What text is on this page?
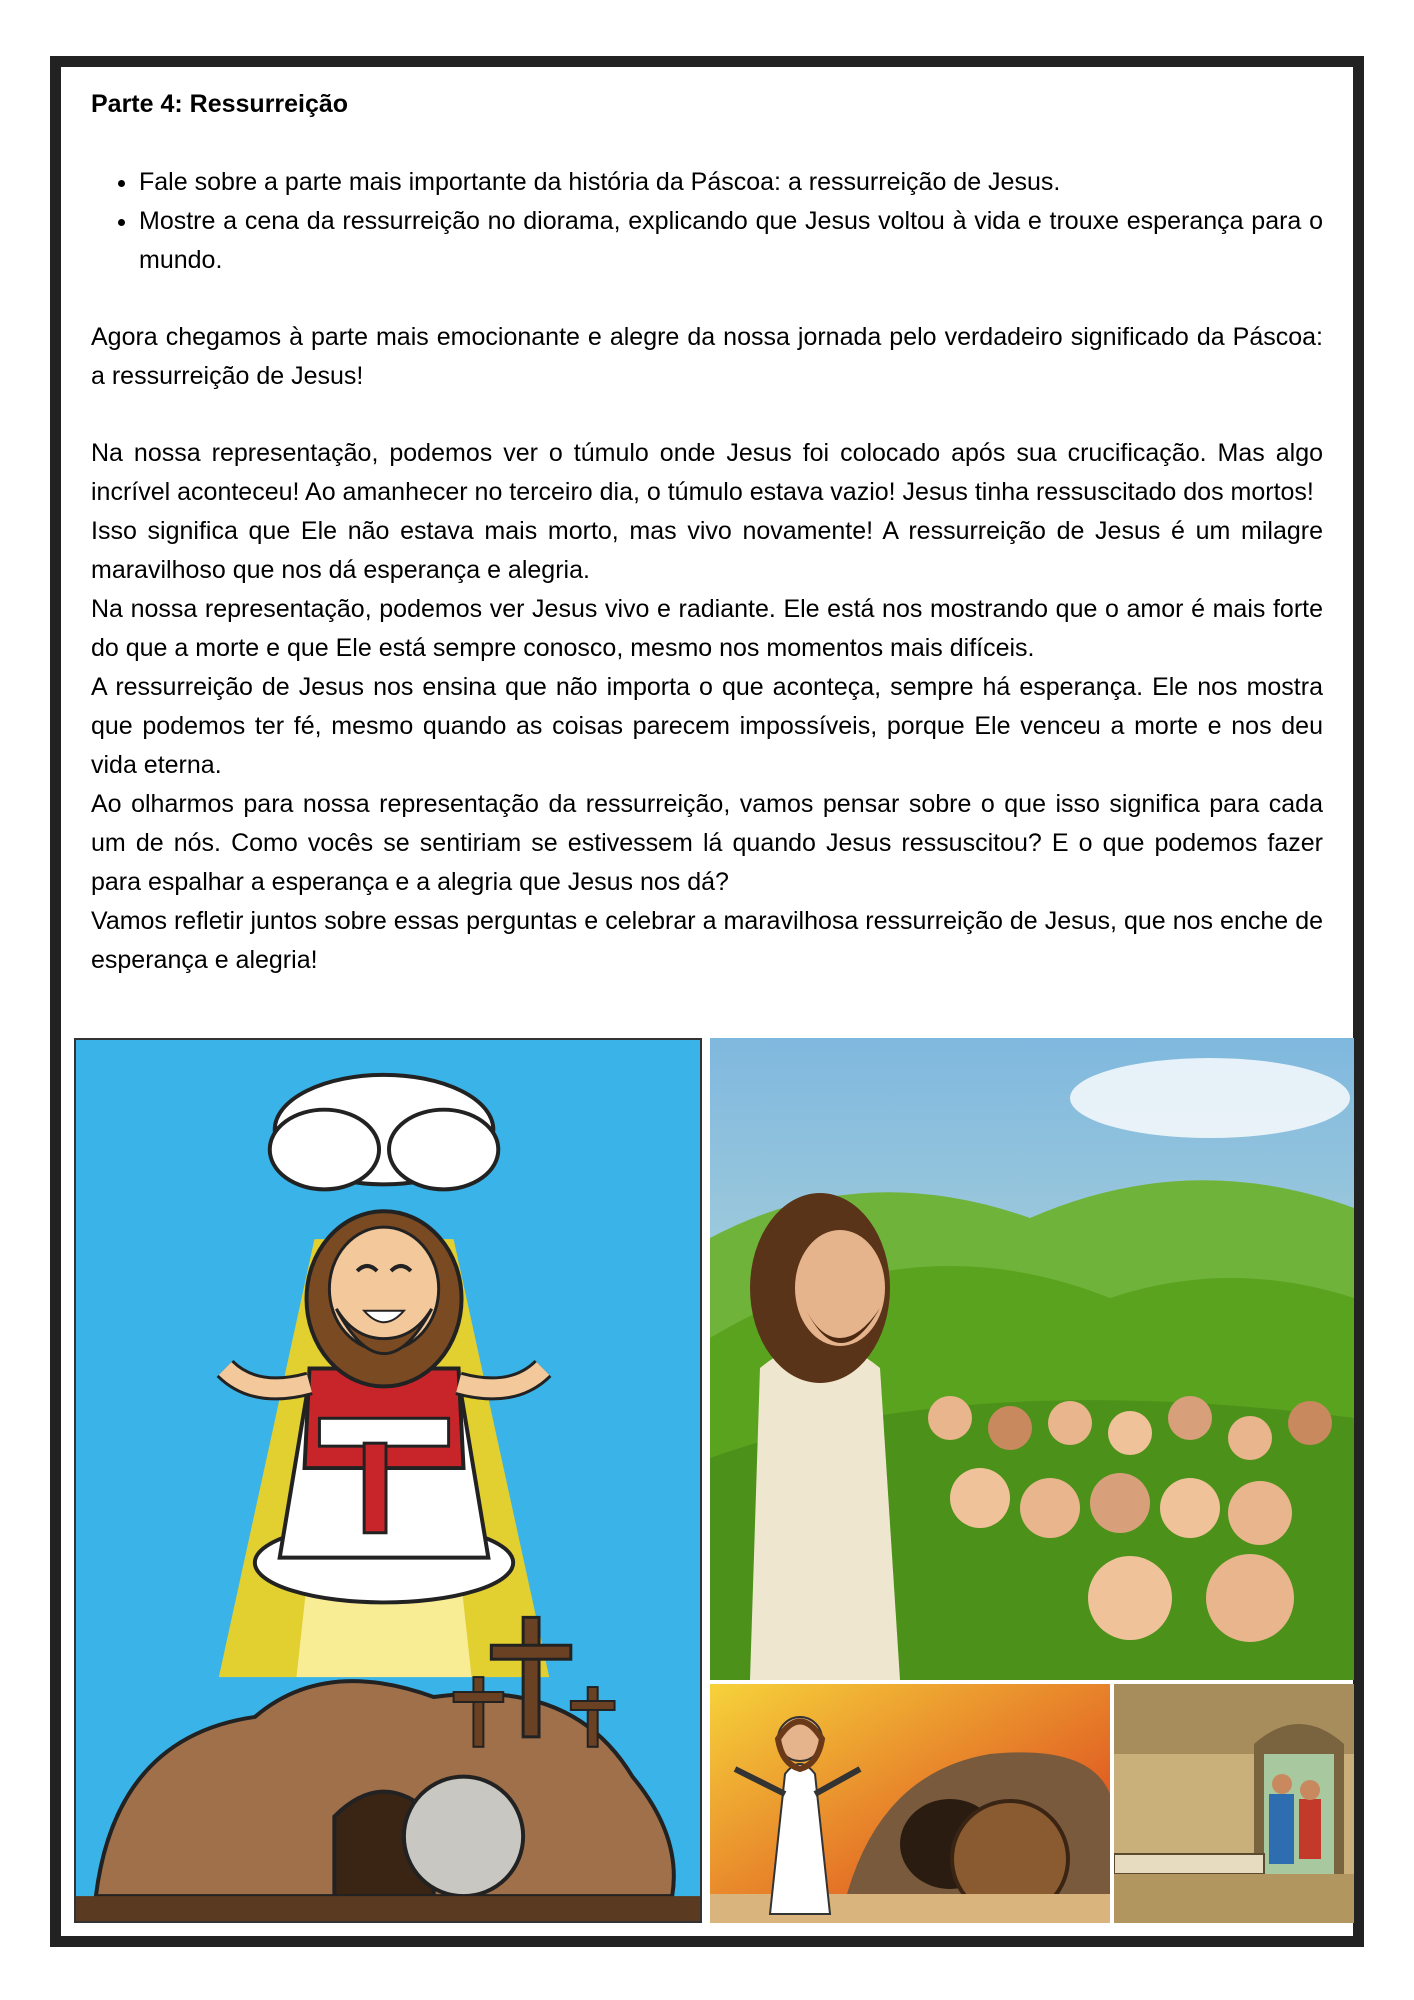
Parte 4: Ressurreição
• Fale sobre a parte mais importante da história da Páscoa: a ressurreição de Jesus.
• Mostre a cena da ressurreição no diorama, explicando que Jesus voltou à vida e trouxe esperança para o mundo.

Agora chegamos à parte mais emocionante e alegre da nossa jornada pelo verdadeiro significado da Páscoa: a ressurreição de Jesus!

Na nossa representação, podemos ver o túmulo onde Jesus foi colocado após sua crucificação. Mas algo incrível aconteceu! Ao amanhecer no terceiro dia, o túmulo estava vazio! Jesus tinha ressuscitado dos mortos!

Isso significa que Ele não estava mais morto, mas vivo novamente! A ressurreição de Jesus é um milagre maravilhoso que nos dá esperança e alegria.

Na nossa representação, podemos ver Jesus vivo e radiante. Ele está nos mostrando que o amor é mais forte do que a morte e que Ele está sempre conosco, mesmo nos momentos mais difíceis.

A ressurreição de Jesus nos ensina que não importa o que aconteça, sempre há esperança. Ele nos mostra que podemos ter fé, mesmo quando as coisas parecem impossíveis, porque Ele venceu a morte e nos deu vida eterna.

Ao olharmos para nossa representação da ressurreição, vamos pensar sobre o que isso significa para cada um de nós. Como vocês se sentiriam se estivessem lá quando Jesus ressuscitou? E o que podemos fazer para espalhar a esperança e a alegria que Jesus nos dá?

Vamos refletir juntos sobre essas perguntas e celebrar a maravilhosa ressurreição de Jesus, que nos enche de esperança e alegria!
